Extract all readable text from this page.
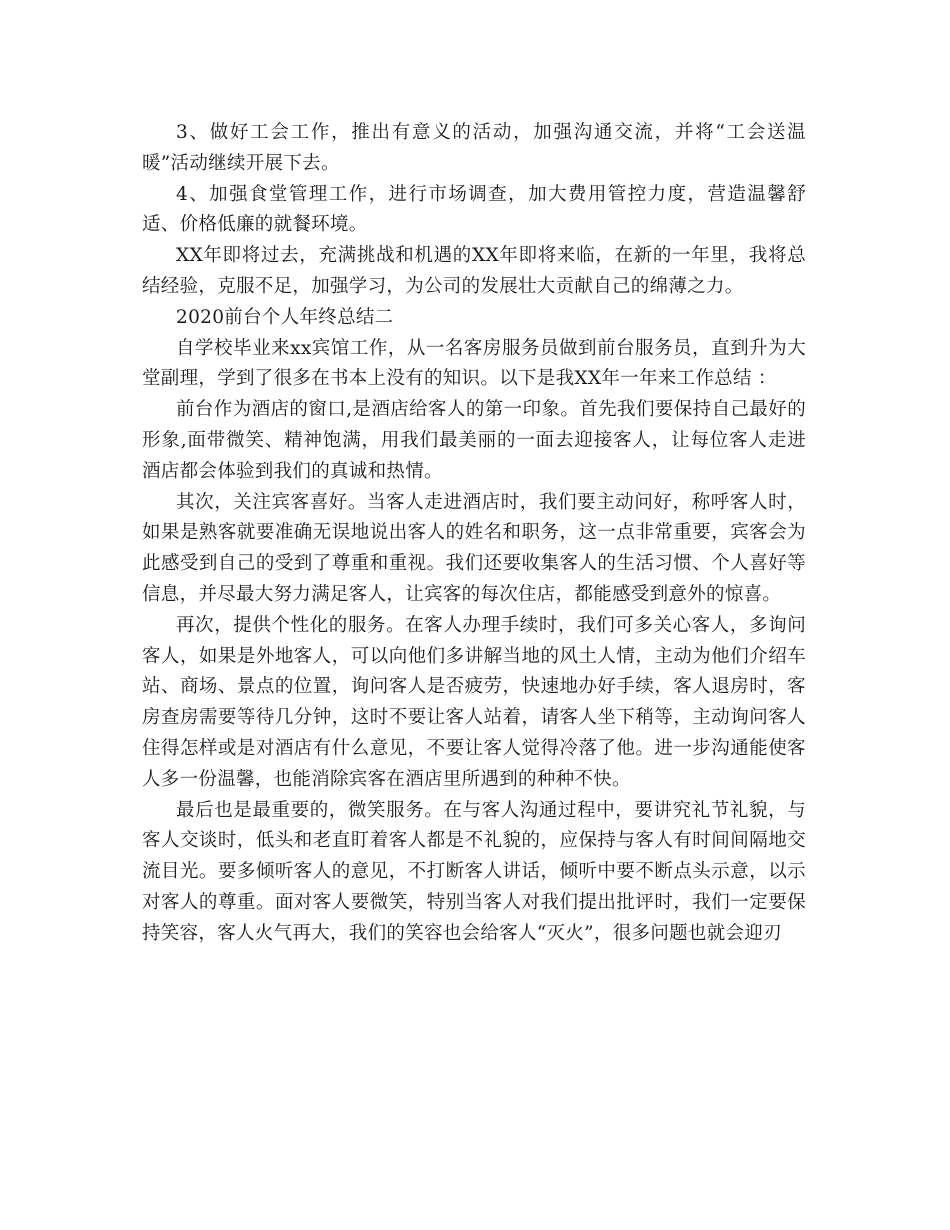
3、做好工会工作，推出有意义的活动，加强沟通交流，并将“工会送温暖”活动继续开展下去。

4、加强食堂管理工作，进行市场调查，加大费用管控力度，营造温馨舒适、价格低廉的就餐环境。

XX年即将过去，充满挑战和机遇的XX年即将来临，在新的一年里，我将总结经验，克服不足，加强学习，为公司的发展壮大贡献自己的绵薄之力。

2020前台个人年终总结二

自学校毕业来xx宾馆工作，从一名客房服务员做到前台服务员，直到升为大堂副理，学到了很多在书本上没有的知识。以下是我XX年一年来工作总结 ：

前台作为酒店的窗口,是酒店给客人的第一印象。首先我们要保持自己最好的形象,面带微笑、精神饱满，用我们最美丽的一面去迎接客人，让每位客人走进酒店都会体验到我们的真诚和热情。

其次，关注宾客喜好。当客人走进酒店时，我们要主动问好，称呼客人时，如果是熟客就要准确无误地说出客人的姓名和职务，这一点非常重要，宾客会为此感受到自己的受到了尊重和重视。我们还要收集客人的生活习惯、个人喜好等信息，并尽最大努力满足客人，让宾客的每次住店，都能感受到意外的惊喜。

再次，提供个性化的服务。在客人办理手续时，我们可多关心客人，多询问客人，如果是外地客人，可以向他们多讲解当地的风土人情，主动为他们介绍车站、商场、景点的位置，询问客人是否疲劳，快速地办好手续，客人退房时，客房查房需要等待几分钟，这时不要让客人站着，请客人坐下稍等，主动询问客人住得怎样或是对酒店有什么意见，不要让客人觉得冷落了他。进一步沟通能使客人多一份温馨，也能消除宾客在酒店里所遇到的种种不快。

最后也是最重要的，微笑服务。在与客人沟通过程中，要讲究礼节礼貌，与客人交谈时，低头和老直盯着客人都是不礼貌的，应保持与客人有时间间隔地交流目光。要多倾听客人的意见，不打断客人讲话，倾听中要不断点头示意，以示对客人的尊重。面对客人要微笑，特别当客人对我们提出批评时，我们一定要保持笑容，客人火气再大，我们的笑容也会给客人“灭火”，很多问题也就会迎刃
